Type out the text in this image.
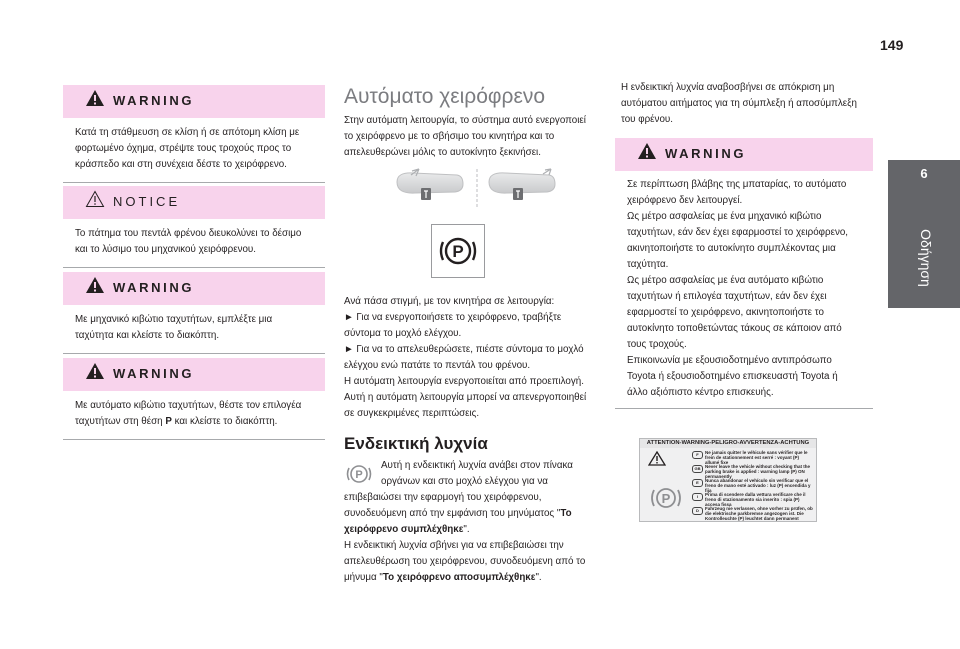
149
6
Οδήγηση
WARNING

Κατά τη στάθμευση σε κλίση ή σε απότομη κλίση με

φορτωμένο όχημα, στρέψτε τους τροχούς προς το

κράσπεδο και στη συνέχεια δέστε το χειρόφρενο.

NOTICE

Το πάτημα του πεντάλ φρένου διευκολύνει το δέσιμο

και το λύσιμο του μηχανικού χειρόφρενου.

WARNING

Με μηχανικό κιβώτιο ταχυτήτων, εμπλέξτε μια

ταχύτητα και κλείστε το διακόπτη.

WARNING

Με αυτόματο κιβώτιο ταχυτήτων, θέστε τον επιλογέα

ταχυτήτων στη θέση P και κλείστε το διακόπτη.

Αυτόματο χειρόφρενο

Στην αυτόματη λειτουργία, το σύστημα αυτό ενεργοποιεί

το χειρόφρενο με το σβήσιμο του κινητήρα και το

απελευθερώνει μόλις το αυτοκίνητο ξεκινήσει.

P

Ανά πάσα στιγμή, με τον κινητήρα σε λειτουργία:

► Για να ενεργοποιήσετε το χειρόφρενο, τραβήξτε

σύντομα το μοχλό ελέγχου.

► Για να το απελευθερώσετε, πιέστε σύντομα το μοχλό

ελέγχου ενώ πατάτε το πεντάλ του φρένου.

Η αυτόματη λειτουργία ενεργοποιείται από προεπιλογή.

Αυτή η αυτόματη λειτουργία μπορεί να απενεργοποιηθεί

σε συγκεκριμένες περιπτώσεις.

Ενδεικτική λυχνία
P

Αυτή η ενδεικτική λυχνία ανάβει στον πίνακα

οργάνων και στο μοχλό ελέγχου για να

επιβεβαιώσει την εφαρμογή του χειρόφρενου,

συνοδευόμενη από την εμφάνιση του μηνύματος "Το

χειρόφρενο συμπλέχθηκε".

Η ενδεικτική λυχνία σβήνει για να επιβεβαιώσει την

απελευθέρωση του χειρόφρενου, συνοδευόμενη από το

μήνυμα "Το χειρόφρενο αποσυμπλέχθηκε".

Η ενδεικτική λυχνία αναβοσβήνει σε απόκριση μη

αυτόματου αιτήματος για τη σύμπλεξη ή αποσύμπλεξη

του φρένου.

WARNING

Σε περίπτωση βλάβης της μπαταρίας, το αυτόματο

χειρόφρενο δεν λειτουργεί.

Ως μέτρο ασφαλείας με ένα μηχανικό κιβώτιο

ταχυτήτων, εάν δεν έχει εφαρμοστεί το χειρόφρενο,

ακινητοποιήστε το αυτοκίνητο συμπλέκοντας μια

ταχύτητα.

Ως μέτρο ασφαλείας με ένα αυτόματο κιβώτιο

ταχυτήτων ή επιλογέα ταχυτήτων, εάν δεν έχει

εφαρμοστεί το χειρόφρενο, ακινητοποιήστε το

αυτοκίνητο τοποθετώντας τάκους σε κάποιον από

τους τροχούς.

Επικοινωνία με εξουσιοδοτημένο αντιπρόσωπο

Toyota ή εξουσιοδοτημένο επισκευαστή Toyota ή

άλλο αξιόπιστο κέντρο επισκευής.

ATTENTION-WARNING-PELIGRO-AVVERTENZA-ACHTUNG
P
F	Ne jamais quitter le véhicule sans vérifier que le frein de stationnement est serré : voyant (P) allumé fixe
GB	Never leave the vehicle without checking that the parking brake is applied : warning lamp (P) ON permanently
E	Nunca abandonar el vehículo sin verificar que el freno de mano esté activado : luz (P) encendida y fija
I	Prima di scendere dalla vettura verificare che il freno di stazionamento sia inserito : spia (P) accesa fissa
D	Fahrzeug nie verlassen, ohne vorher zu prüfen, ob die elektrische parkbremse angezogen ist. Die Kontrolleuchte (P) leuchtet dann permanent
